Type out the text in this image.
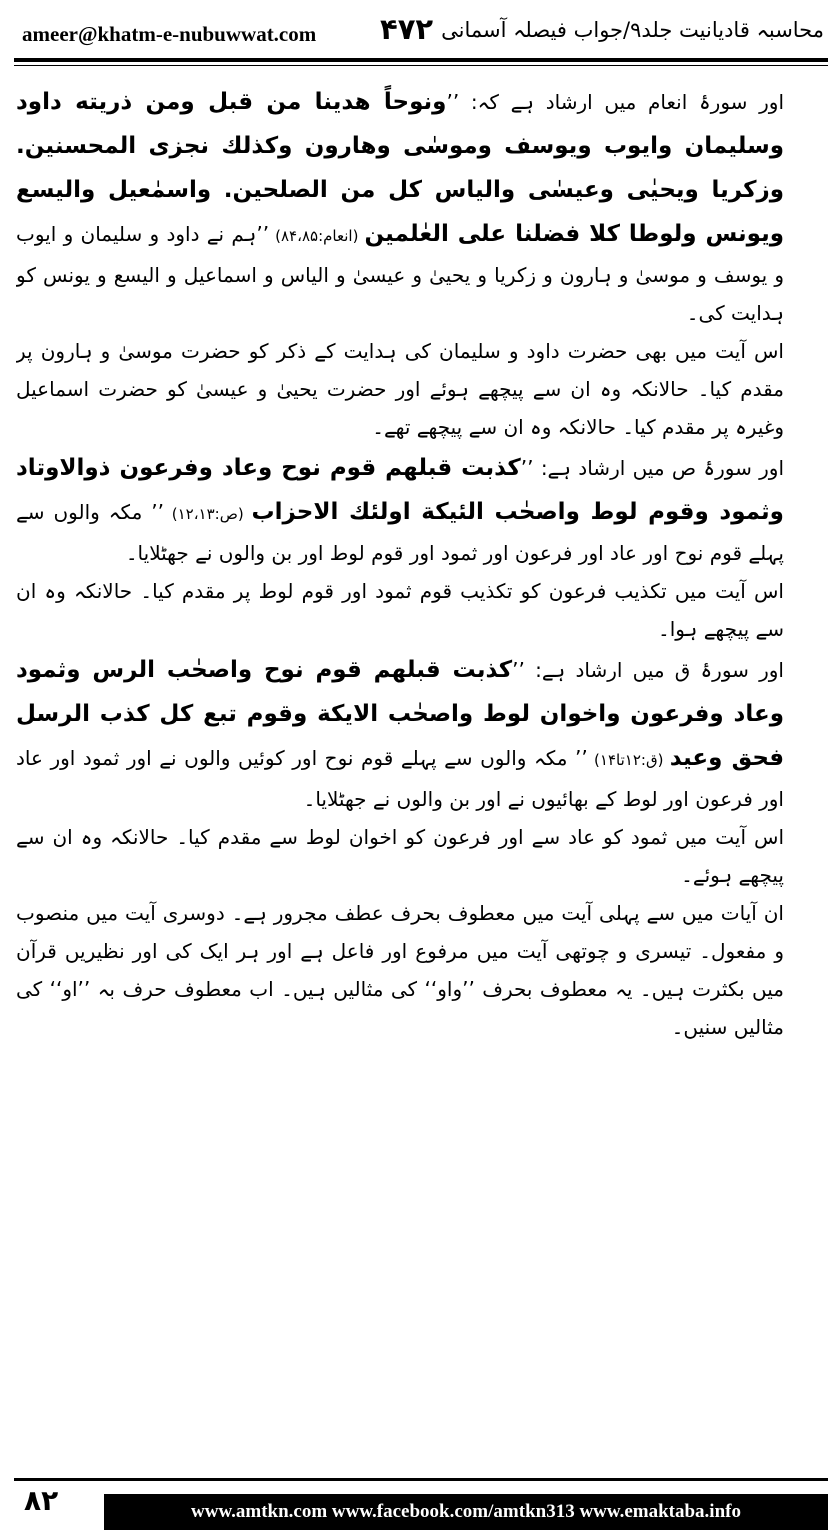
ameer@khatm-e-nubuwwat.com ۴۷۲ محاسبہ قادیانیت جلد۹/جواب فیصلہ آسمانی

اور سورۂ انعام میں ارشاد ہے کہ: ’’ونوحاً هدينا من قبل ومن ذريته داود وسليمان وايوب ويوسف وموسٰى وهارون وكذلك نجزى المحسنين. وزكريا ويحيٰى وعيسٰى والياس كل من الصلحين. واسمٰعيل واليسع ويونس ولوطا كلا فضلنا على العٰلمين (انعام:۸۴،۸۵) ’’ہم نے داود و سلیمان و ایوب و یوسف و موسیٰ و ہارون و زکریا و یحییٰ و عیسیٰ و الیاس و اسماعیل و الیسع و یونس کو ہدایت کی۔

اس آیت میں بھی حضرت داود و سلیمان کی ہدایت کے ذکر کو حضرت موسیٰ و ہارون پر مقدم کیا۔ حالانکہ وہ ان سے پیچھے ہوئے اور حضرت یحییٰ و عیسیٰ کو حضرت اسماعیل وغیرہ پر مقدم کیا۔ حالانکہ وہ ان سے پیچھے تھے۔

اور سورۂ ص میں ارشاد ہے: ’’كذبت قبلهم قوم نوح وعاد وفرعون ذوالاوتاد وثمود وقوم لوط واصحٰب الئيكة اولئك الاحزاب (ص:۱۲،۱۳) ’’ مکہ والوں سے پہلے قوم نوح اور عاد اور فرعون اور ثمود اور قوم لوط اور بن والوں نے جھٹلایا۔

اس آیت میں تکذیب فرعون کو تکذیب قوم ثمود اور قوم لوط پر مقدم کیا۔ حالانکہ وہ ان سے پیچھے ہوا۔

اور سورۂ ق میں ارشاد ہے: ’’كذبت قبلهم قوم نوح واصحٰب الرس وثمود وعاد وفرعون واخوان لوط واصحٰب الايكة وقوم تبع كل كذب الرسل فحق وعيد (ق:۱۲تا۱۴) ’’ مکہ والوں سے پہلے قوم نوح اور کوئیں والوں نے اور ثمود اور عاد اور فرعون اور لوط کے بھائیوں نے اور بن والوں نے جھٹلایا۔

اس آیت میں ثمود کو عاد سے اور فرعون کو اخوان لوط سے مقدم کیا۔ حالانکہ وہ ان سے پیچھے ہوئے۔

ان آیات میں سے پہلی آیت میں معطوف بحرف عطف مجرور ہے۔ دوسری آیت میں منصوب و مفعول۔ تیسری و چوتھی آیت میں مرفوع اور فاعل ہے اور ہر ایک کی اور نظیریں قرآن میں بکثرت ہیں۔ یہ معطوف بحرف ’’واو‘‘ کی مثالیں ہیں۔ اب معطوف حرف بہ ’’او‘‘ کی مثالیں سنیں۔

۸۲	www.amtkn.com www.facebook.com/amtkn313 www.emaktaba.info
